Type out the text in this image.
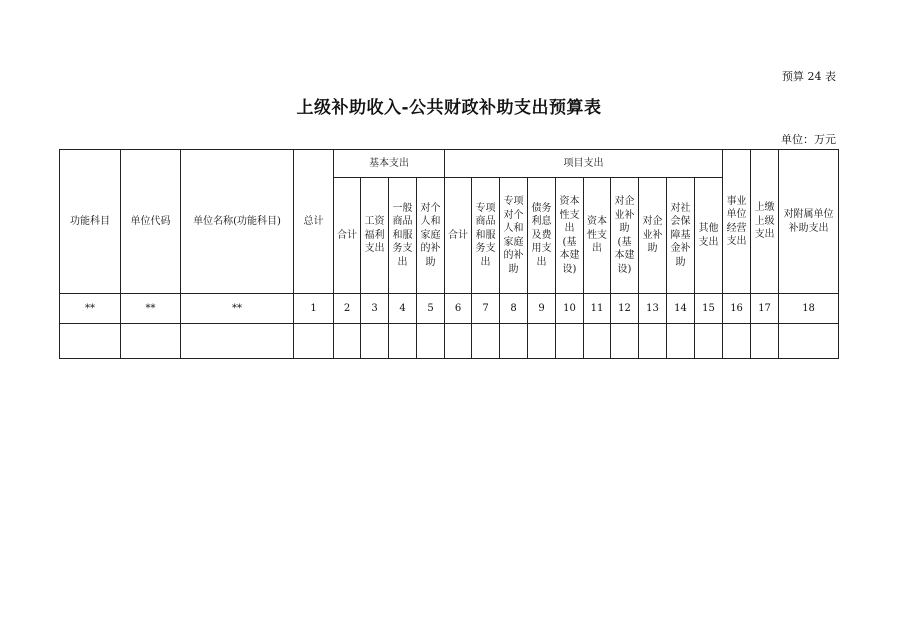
预算 24 表
上级补助收入-公共财政补助支出预算表
单位：万元
功能科目	单位代码	单位名称(功能科目)	总计	基本支出				项目支出										事业单位经营支出	上缴上级支出	对附属单位补助支出
				合计	工资福利支出	一般商品和服务支出	对个人和家庭的补助	合计	专项商品和服务支出	专项对个人和家庭的补助	债务利息及费用支出	资本性支出(基本建设)	资本性支出	对企业补助(基本建设)	对企业补助	对社会保障基金补助	其他支出			
**	**	**	1	2	3	4	5	6	7	8	9	10	11	12	13	14	15	16	17	18
